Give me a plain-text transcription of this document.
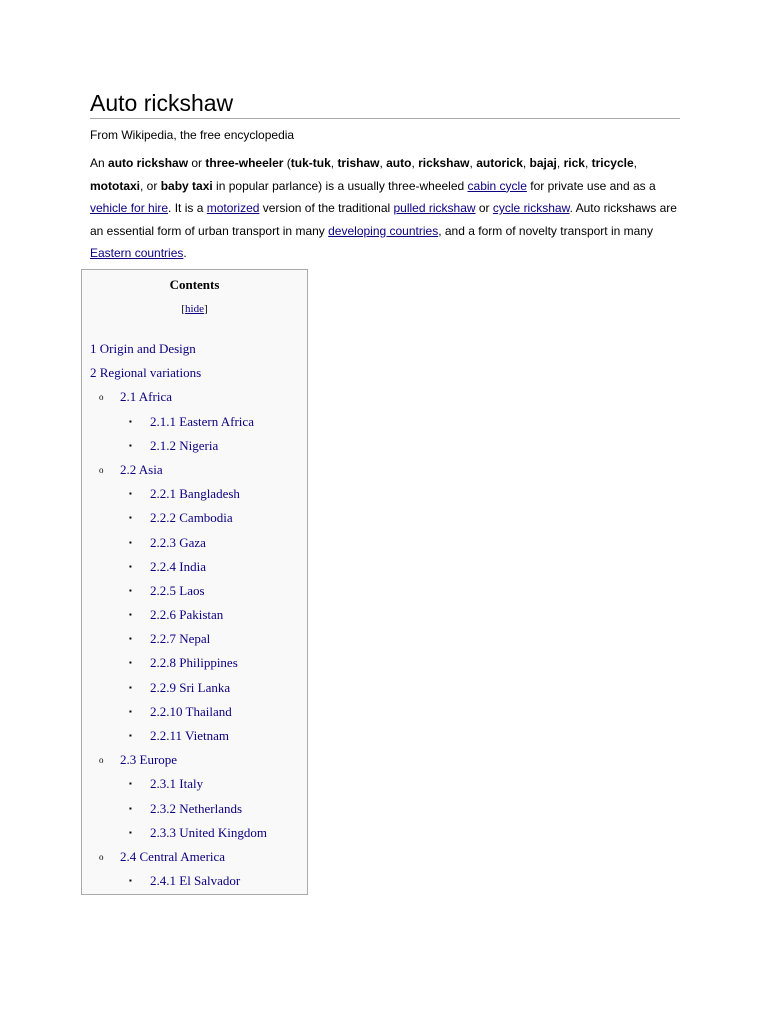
Auto rickshaw
From Wikipedia, the free encyclopedia

An auto rickshaw or three-wheeler (tuk-tuk, trishaw, auto, rickshaw, autorick, bajaj, rick, tricycle, mototaxi, or baby taxi in popular parlance) is a usually three-wheeled cabin cycle for private use and as a vehicle for hire. It is a motorized version of the traditional pulled rickshaw or cycle rickshaw. Auto rickshaws are an essential form of urban transport in many developing countries, and a form of novelty transport in many Eastern countries.

Contents
[hide]
1 Origin and Design
2 Regional variations
o 2.1 Africa
▪ 2.1.1 Eastern Africa
▪ 2.1.2 Nigeria
o 2.2 Asia
▪ 2.2.1 Bangladesh
▪ 2.2.2 Cambodia
▪ 2.2.3 Gaza
▪ 2.2.4 India
▪ 2.2.5 Laos
▪ 2.2.6 Pakistan
▪ 2.2.7 Nepal
▪ 2.2.8 Philippines
▪ 2.2.9 Sri Lanka
▪ 2.2.10 Thailand
▪ 2.2.11 Vietnam
o 2.3 Europe
▪ 2.3.1 Italy
▪ 2.3.2 Netherlands
▪ 2.3.3 United Kingdom
o 2.4 Central America
▪ 2.4.1 El Salvador
